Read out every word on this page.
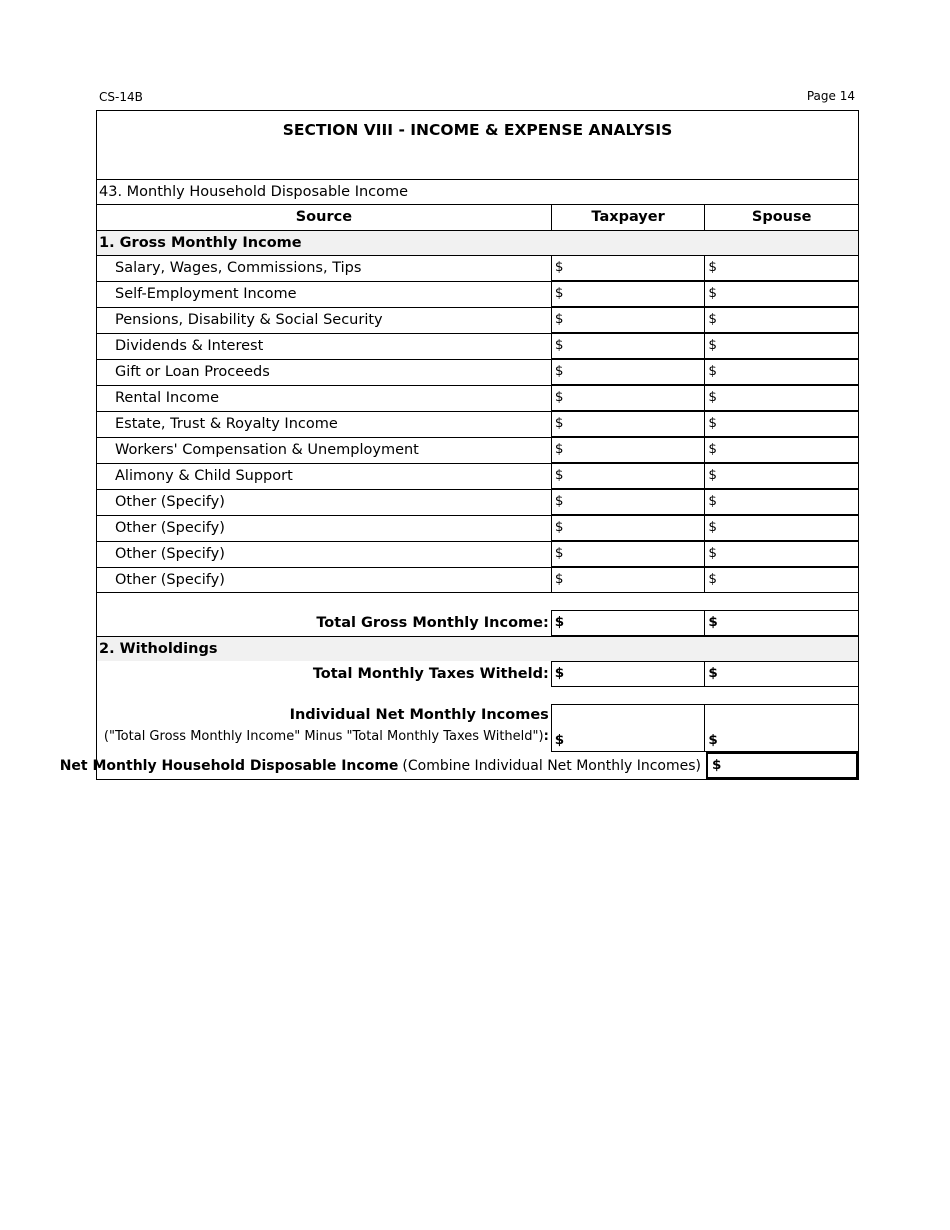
CS-14B	Page 14
SECTION VIII - INCOME & EXPENSE ANALYSIS
43. Monthly Household Disposable Income
Source	Taxpayer	Spouse
1. Gross Monthly Income
Salary, Wages, Commissions, Tips	$	$
Self-Employment Income	$	$
Pensions, Disability & Social Security	$	$
Dividends & Interest	$	$
Gift or Loan Proceeds	$	$
Rental Income	$	$
Estate, Trust & Royalty Income	$	$
Workers' Compensation & Unemployment	$	$
Alimony & Child Support	$	$
Other (Specify)	$	$
Other (Specify)	$	$
Other (Specify)	$	$
Other (Specify)	$	$
Total Gross Monthly Income: $	$
2. Witholdings
Total Monthly Taxes Witheld: $	$
Individual Net Monthly Incomes
("Total Gross Monthly Income" Minus "Total Monthly Taxes Witheld"): $	$
Net Monthly Household Disposable Income (Combine Individual Net Monthly Incomes) $
